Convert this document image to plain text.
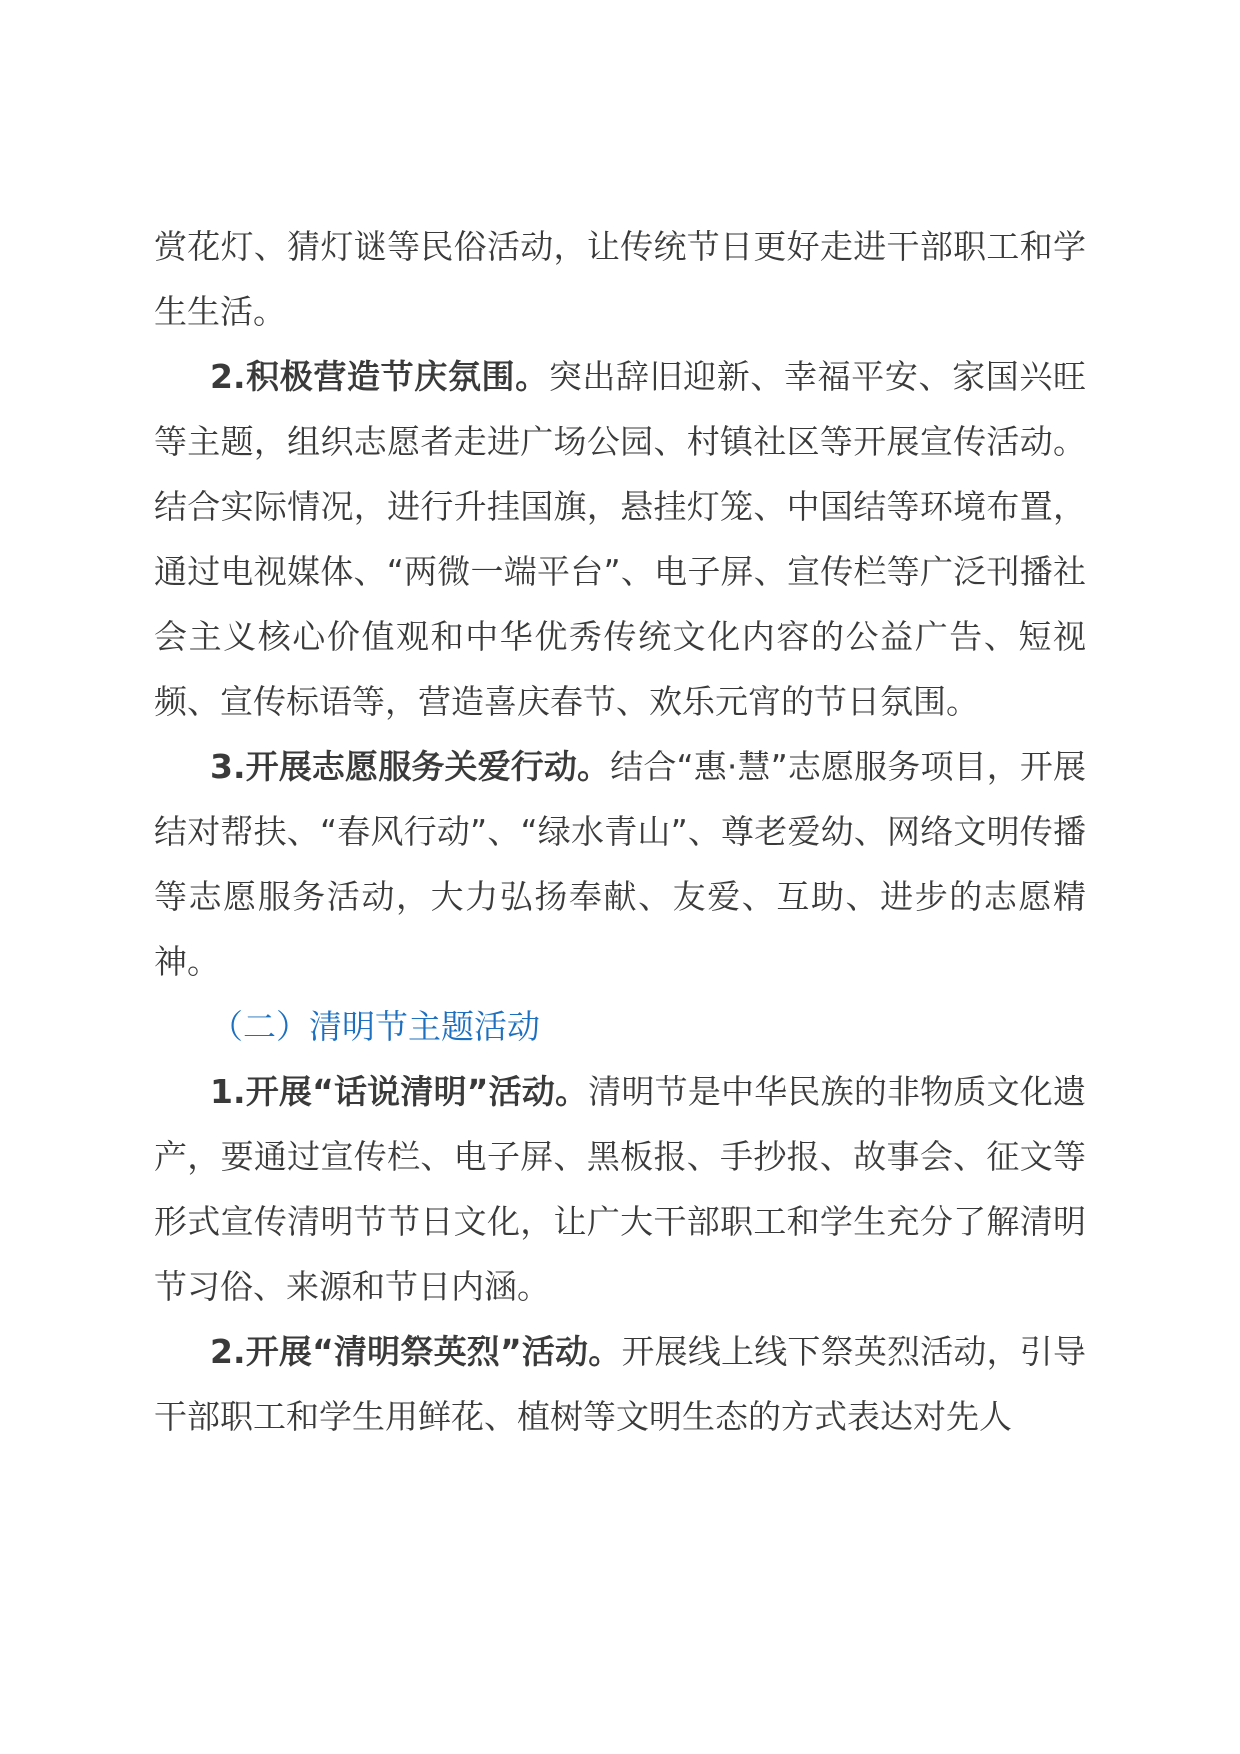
赏花灯、猜灯谜等民俗活动，让传统节日更好走进干部职工和学生生活。

2.积极营造节庆氛围。突出辞旧迎新、幸福平安、家国兴旺等主题，组织志愿者走进广场公园、村镇社区等开展宣传活动。结合实际情况，进行升挂国旗，悬挂灯笼、中国结等环境布置，通过电视媒体、“两微一端平台”、电子屏、宣传栏等广泛刊播社会主义核心价值观和中华优秀传统文化内容的公益广告、短视频、宣传标语等，营造喜庆春节、欢乐元宵的节日氛围。

3.开展志愿服务关爱行动。结合“惠·慧”志愿服务项目，开展结对帮扶、“春风行动”、“绿水青山”、尊老爱幼、网络文明传播等志愿服务活动，大力弘扬奉献、友爱、互助、进步的志愿精神。

（二）清明节主题活动

1.开展“话说清明”活动。清明节是中华民族的非物质文化遗产，要通过宣传栏、电子屏、黑板报、手抄报、故事会、征文等形式宣传清明节节日文化，让广大干部职工和学生充分了解清明节习俗、来源和节日内涵。

2.开展“清明祭英烈”活动。开展线上线下祭英烈活动，引导干部职工和学生用鲜花、植树等文明生态的方式表达对先人
